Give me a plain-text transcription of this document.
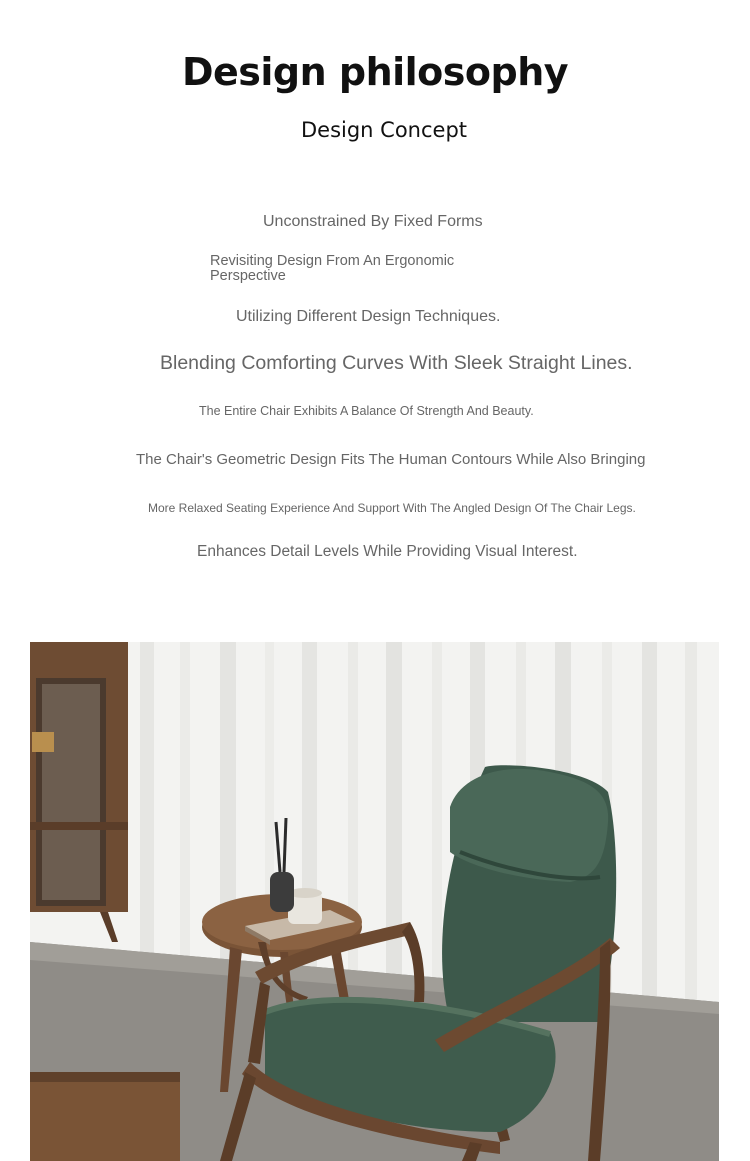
Design philosophy
Design Concept
Unconstrained By Fixed Forms
Revisiting Design From An Ergonomic Perspective
Utilizing Different Design Techniques.
Blending Comforting Curves With Sleek Straight Lines.
The Entire Chair Exhibits A Balance Of Strength And Beauty.
The Chair's Geometric Design Fits The Human Contours While Also Bringing
More Relaxed Seating Experience And Support With The Angled Design Of The Chair Legs.
Enhances Detail Levels While Providing Visual Interest.
